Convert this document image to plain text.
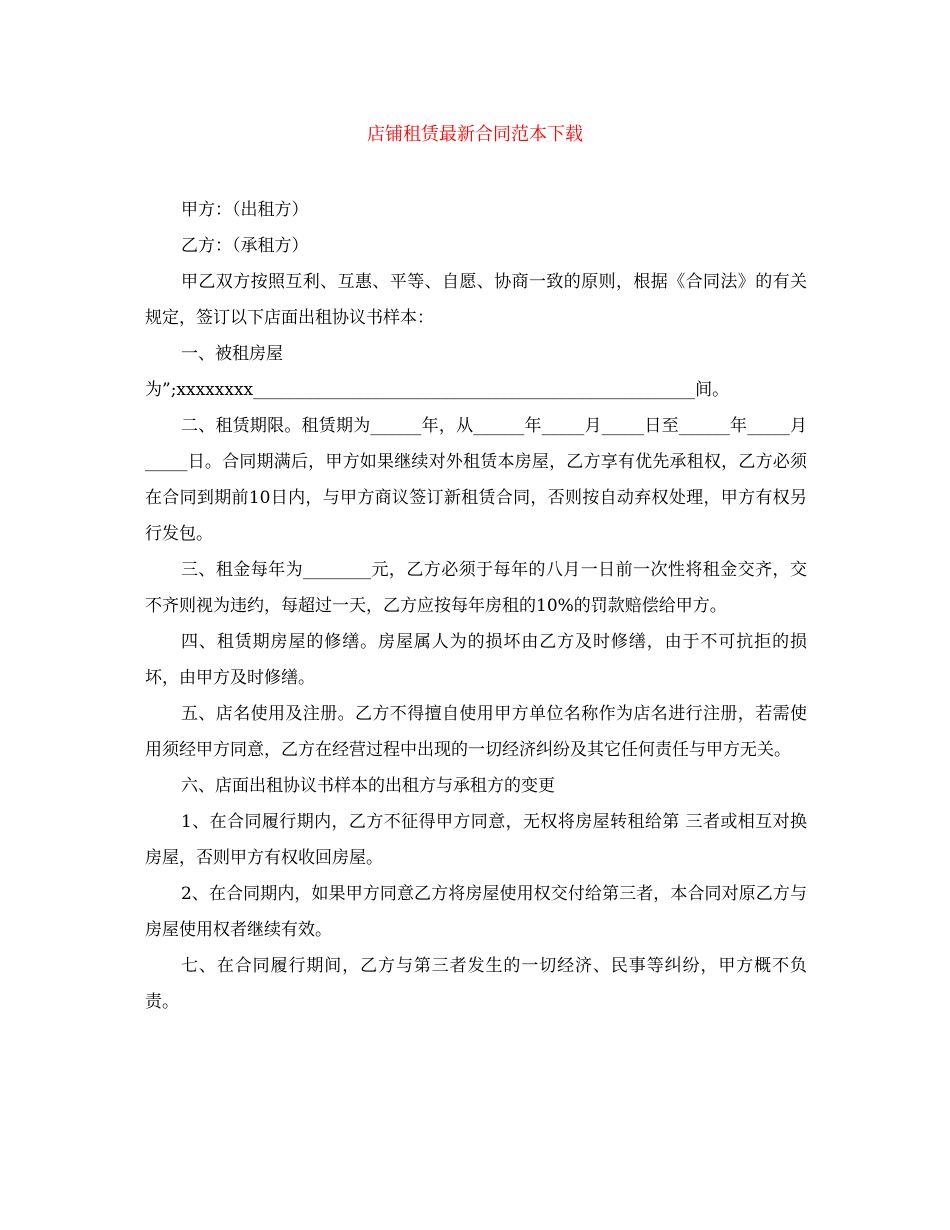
店铺租赁最新合同范本下载

甲方：（出租方）

乙方：（承租方）

甲乙双方按照互利、互惠、平等、自愿、协商一致的原则，根据《合同法》的有关规定，签订以下店面出租协议书样本：

一、被租房屋

为”;xxxxxxxx____________________________________________________间。

二、租赁期限。租赁期为______年，从______年_____月_____日至______年_____月_____日。合同期满后，甲方如果继续对外租赁本房屋，乙方享有优先承租权，乙方必须在合同到期前10日内，与甲方商议签订新租赁合同，否则按自动弃权处理，甲方有权另行发包。

三、租金每年为________元，乙方必须于每年的八月一日前一次性将租金交齐，交不齐则视为违约，每超过一天，乙方应按每年房租的10%的罚款赔偿给甲方。

四、租赁期房屋的修缮。房屋属人为的损坏由乙方及时修缮，由于不可抗拒的损坏，由甲方及时修缮。

五、店名使用及注册。乙方不得擅自使用甲方单位名称作为店名进行注册，若需使用须经甲方同意，乙方在经营过程中出现的一切经济纠纷及其它任何责任与甲方无关。

六、店面出租协议书样本的出租方与承租方的变更

1、在合同履行期内，乙方不征得甲方同意，无权将房屋转租给第 三者或相互对换房屋，否则甲方有权收回房屋。

2、在合同期内，如果甲方同意乙方将房屋使用权交付给第三者，本合同对原乙方与房屋使用权者继续有效。

七、在合同履行期间，乙方与第三者发生的一切经济、民事等纠纷，甲方概不负责。
